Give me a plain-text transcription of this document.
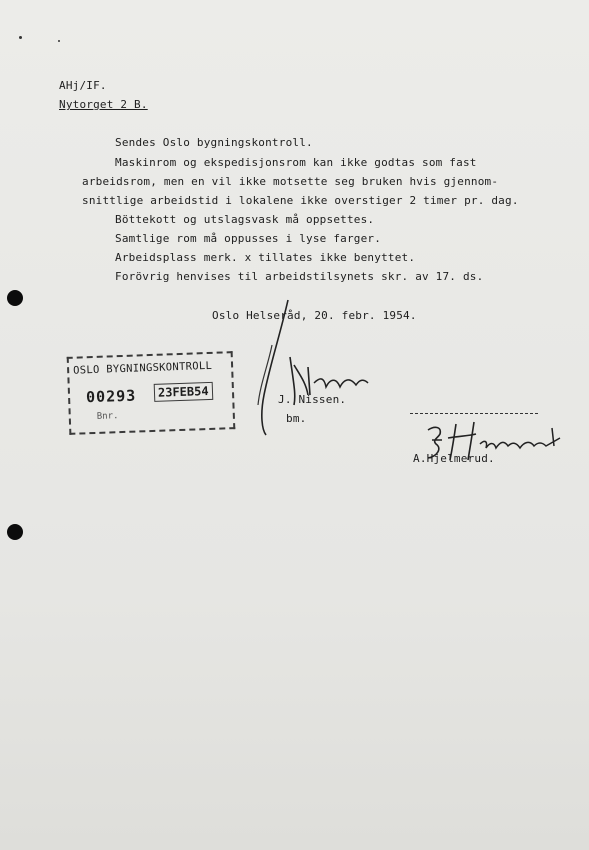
AHj/IF.
Nytorget 2 B.
Sendes Oslo bygningskontroll.
Maskinrom og ekspedisjonsrom kan ikke godtas som fast
arbeidsrom, men en vil ikke motsette seg bruken hvis gjennom-
snittlige arbeidstid i lokalene ikke overstiger 2 timer pr. dag.
Böttekott og utslagsvask må oppsettes.
Samtlige rom må oppusses i lyse farger.
Arbeidsplass merk. x tillates ikke benyttet.
Forövrig henvises til arbeidstilsynets skr. av 17. ds.
Oslo Helseråd, 20. febr. 1954.
OSLO BYGNINGSKONTROLL
00293	23FEB54
Bnr.
J. Nissen.
bm.
A.Hjelmerud.
